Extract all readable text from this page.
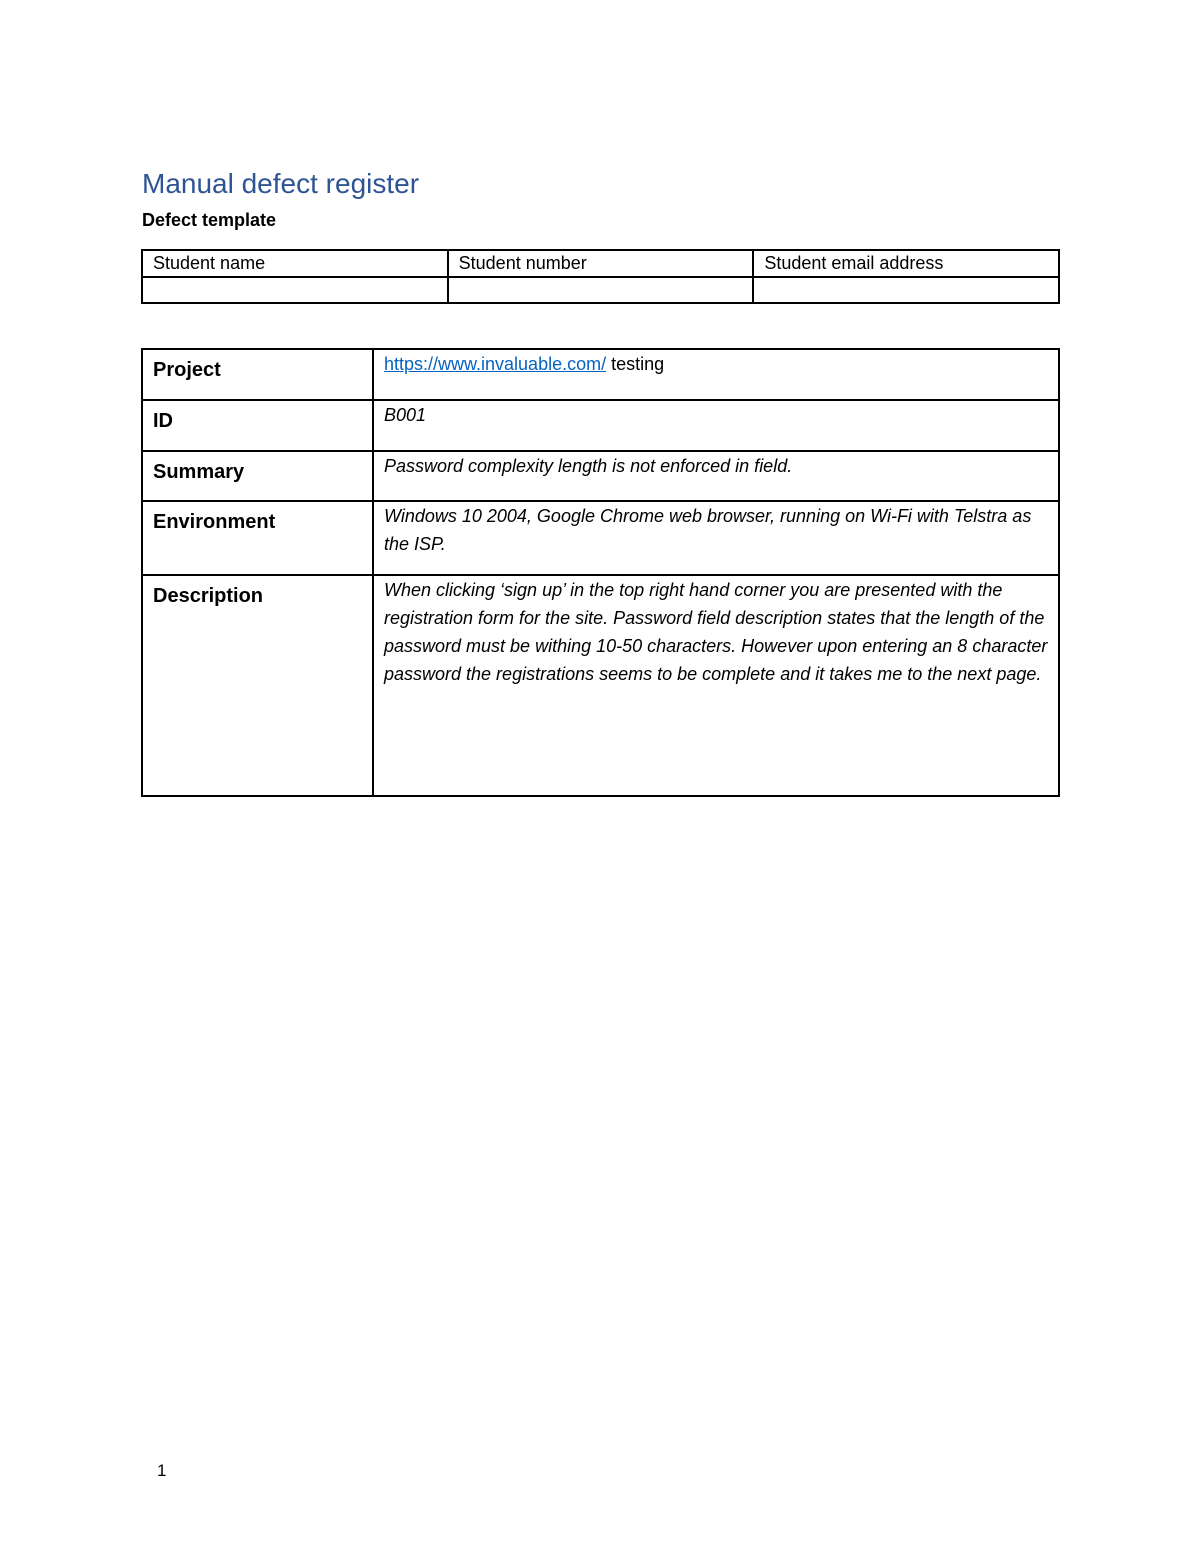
Manual defect register
Defect template
Student name	Student number	Student email address

Project	https://www.invaluable.com/ testing
ID	B001
Summary	Password complexity length is not enforced in field.
Environment	Windows 10 2004, Google Chrome web browser, running on Wi-Fi with Telstra as the ISP.
Description	When clicking ‘sign up’ in the top right hand corner you are presented with the registration form for the site. Password field description states that the length of the password must be withing 10-50 characters. However upon entering an 8 character password the registrations seems to be complete and it takes me to the next page.
1
